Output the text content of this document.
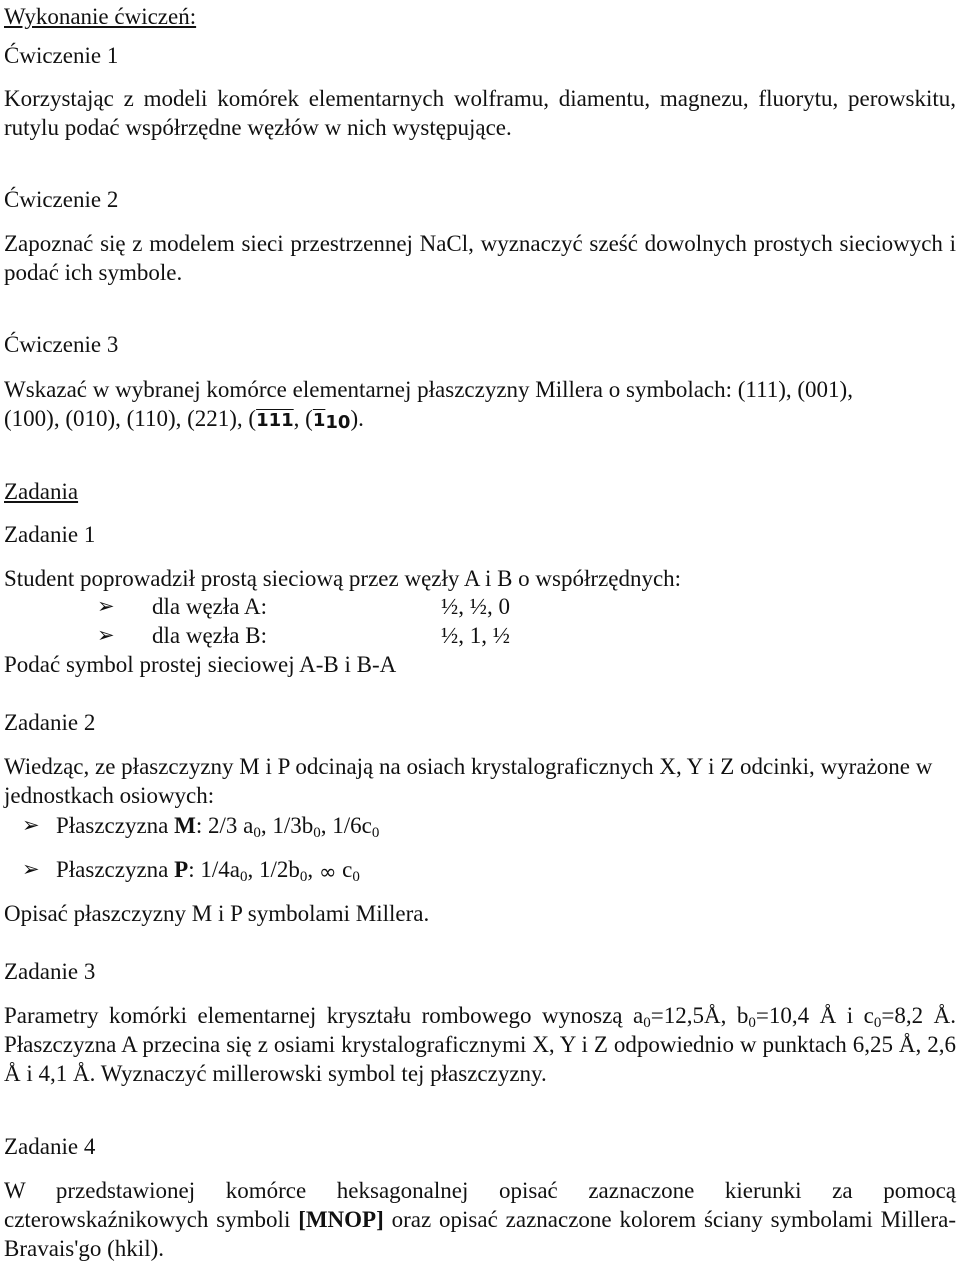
Wykonanie ćwiczeń:
Ćwiczenie 1

Korzystając z modeli komórek elementarnych wolframu, diamentu, magnezu, fluorytu, perowskitu, rutylu podać współrzędne węzłów w nich występujące.

Ćwiczenie 2

Zapoznać się z modelem sieci przestrzennej NaCl, wyznaczyć sześć dowolnych prostych sieciowych i podać ich symbole.

Ćwiczenie 3
Wskazać w wybranej komórce elementarnej płaszczyzny Millera o symbolach: (111), (001),
(100), (010), (110), (221), (111, (110).
Zadania
Zadanie 1
Student poprowadził prostą sieciową przez węzły A i B o współrzędnych:
➢ dla węzła A:	½, ½, 0
➢ dla węzła B:	½, 1, ½
Podać symbol prostej sieciowej A-B i B-A
Zadanie 2

Wiedząc, ze płaszczyzny M i P odcinają na osiach krystalograficznych X, Y i Z odcinki, wyrażone w jednostkach osiowych:

➢ Płaszczyzna M: 2/3 $a_0$, $1/3b_0$, $1/6c_0$
➢ Płaszczyzna P: $1/4a_0$, $1/2b_0$, ∞ $c_0$
Opisać płaszczyzny M i P symbolami Millera.
Zadanie 3

Parametry komórki elementarnej kryształu rombowego wynoszą $a_0=12,5Å$, $b_0=10,4$ Å i $c_0=8,2$ Å. Płaszczyzna A przecina się z osiami krystalograficznymi X, Y i Z odpowiednio w punktach 6,25 Å, 2,6 Å i 4,1 Å. Wyznaczyć millerowski symbol tej płaszczyzny.

Zadanie 4

W przedstawionej komórce heksagonalnej opisać zaznaczone kierunki za pomocą czterowskaźnikowych symboli [MNOP] oraz opisać zaznaczone kolorem ściany symbolami Millera-Bravais'go (hkil).
